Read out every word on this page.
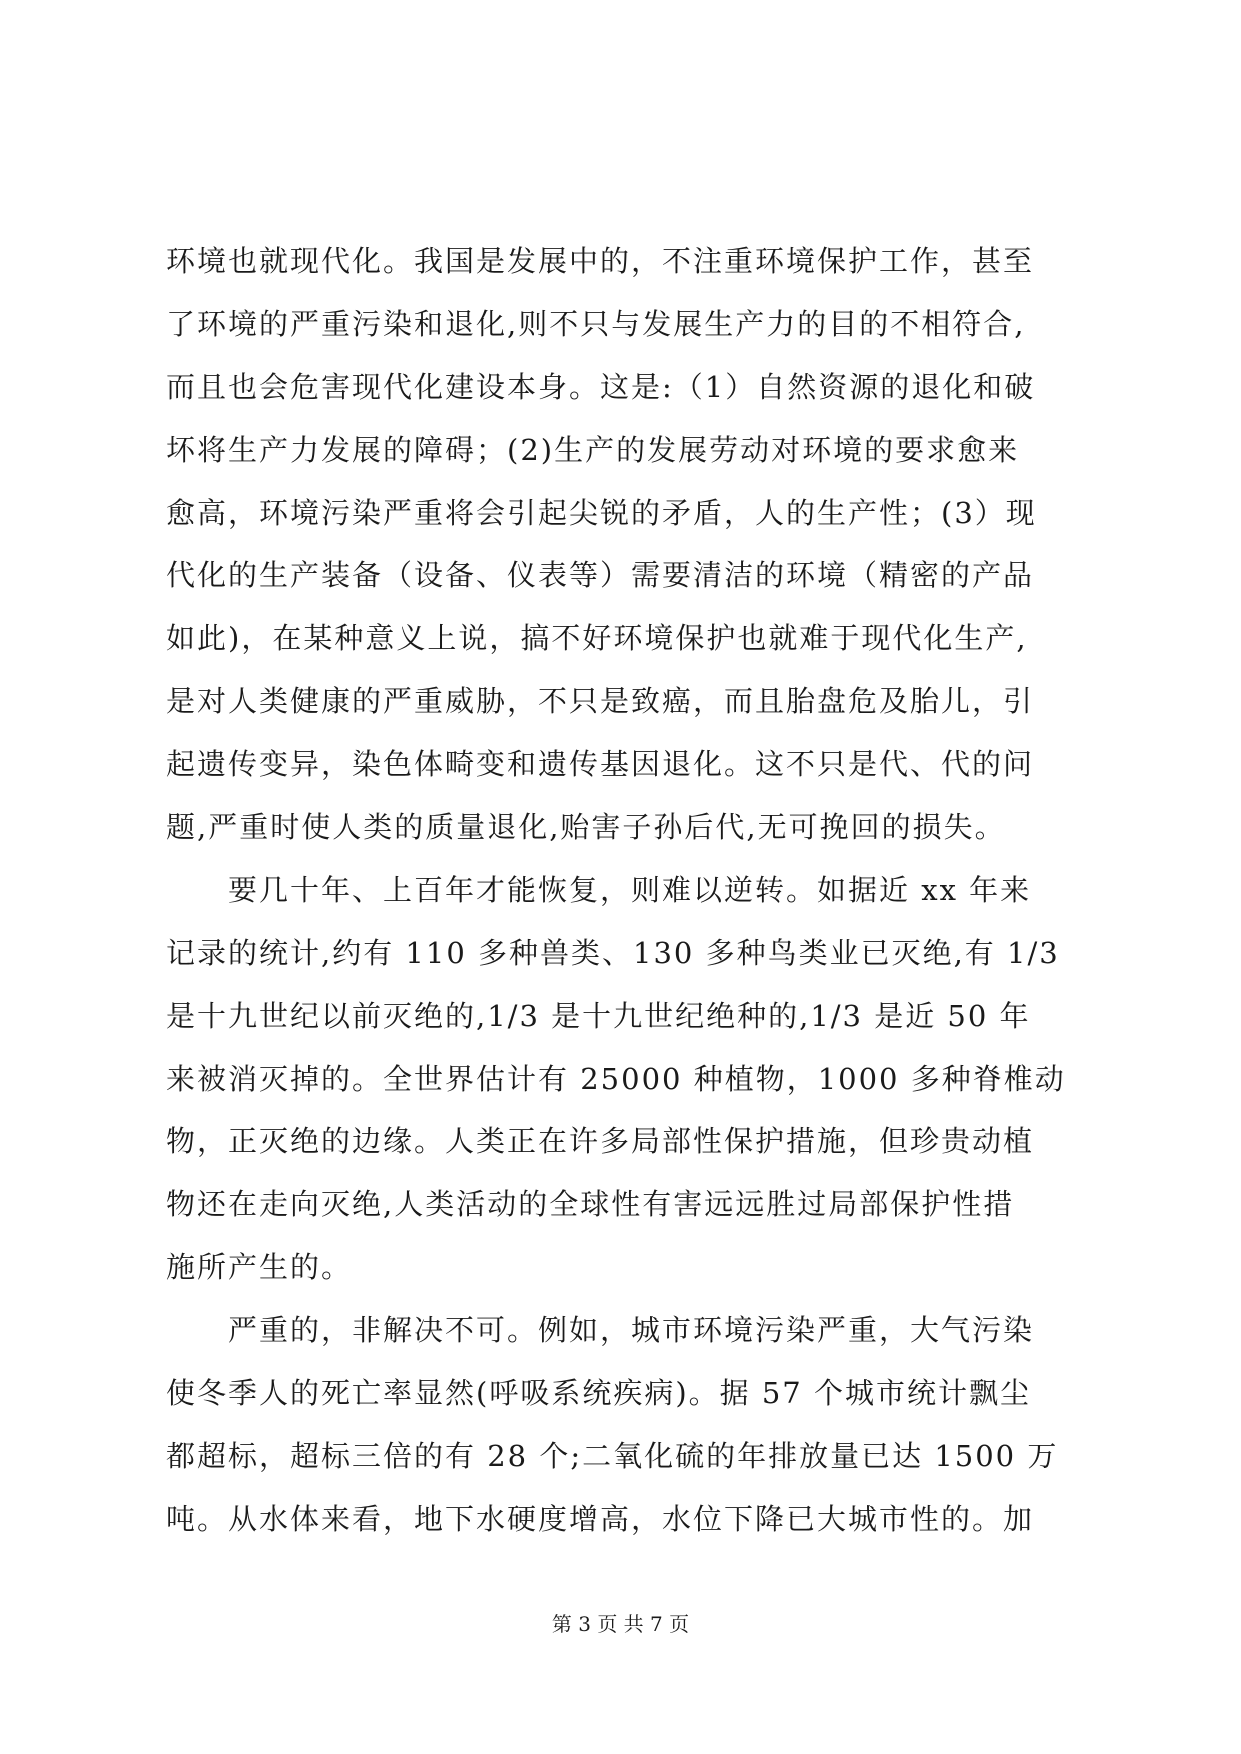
环境也就现代化。我国是发展中的，不注重环境保护工作，甚至
了环境的严重污染和退化,则不只与发展生产力的目的不相符合,
而且也会危害现代化建设本身。这是:（1）自然资源的退化和破
坏将生产力发展的障碍；(2)生产的发展劳动对环境的要求愈来
愈高，环境污染严重将会引起尖锐的矛盾，人的生产性；(3）现
代化的生产装备（设备、仪表等）需要清洁的环境（精密的产品
如此)，在某种意义上说，搞不好环境保护也就难于现代化生产,
是对人类健康的严重威胁，不只是致癌，而且胎盘危及胎儿，引
起遗传变异，染色体畸变和遗传基因退化。这不只是代、代的问
题,严重时使人类的质量退化,贻害子孙后代,无可挽回的损失。
　　要几十年、上百年才能恢复，则难以逆转。如据近 xx 年来
记录的统计,约有 110 多种兽类、130 多种鸟类业已灭绝,有 1/3
是十九世纪以前灭绝的,1/3 是十九世纪绝种的,1/3 是近 50 年
来被消灭掉的。全世界估计有 25000 种植物，1000 多种脊椎动
物，正灭绝的边缘。人类正在许多局部性保护措施，但珍贵动植
物还在走向灭绝,人类活动的全球性有害远远胜过局部保护性措
施所产生的。
　　严重的，非解决不可。例如，城市环境污染严重，大气污染
使冬季人的死亡率显然(呼吸系统疾病)。据 57 个城市统计飘尘
都超标，超标三倍的有 28 个;二氧化硫的年排放量已达 1500 万
吨。从水体来看，地下水硬度增高，水位下降已大城市性的。加
第 3 页 共 7 页
